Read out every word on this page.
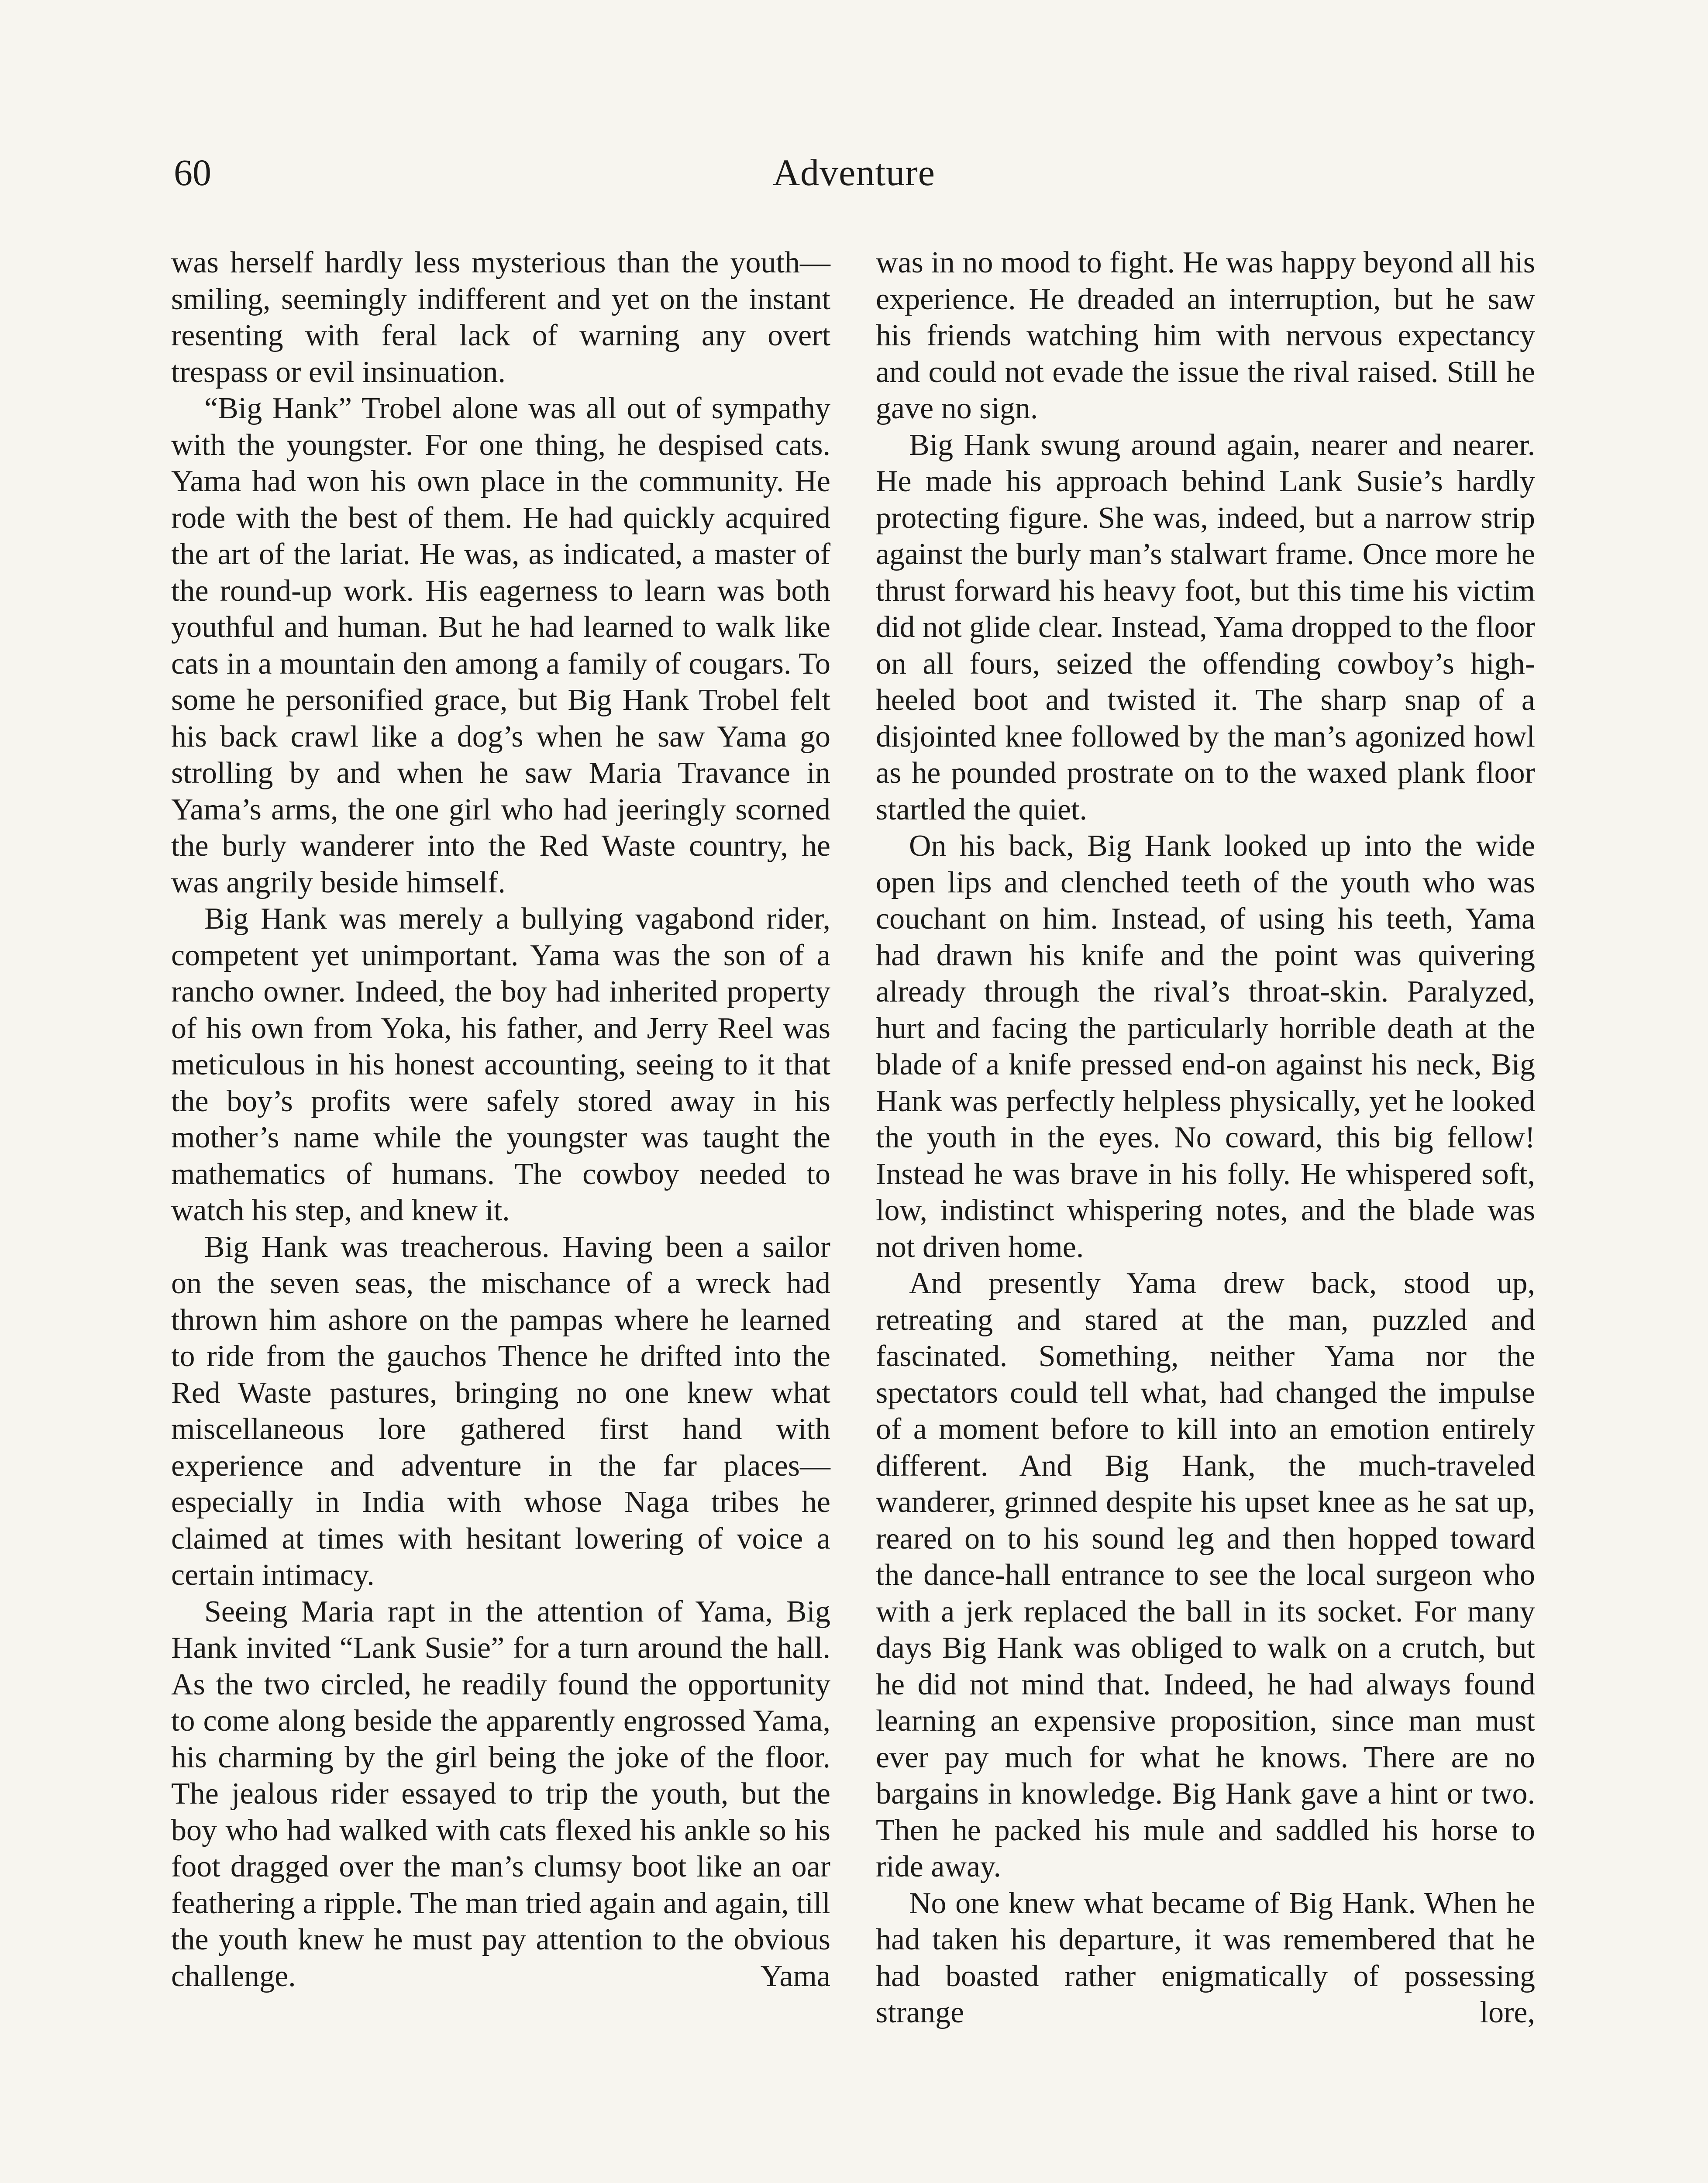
60	Adventure

was herself hardly less mysterious than the youth—smiling, seemingly indifferent and yet on the instant resenting with feral lack of warning any overt trespass or evil insinuation.

“Big Hank” Trobel alone was all out of sympathy with the youngster. For one thing, he despised cats. Yama had won his own place in the community. He rode with the best of them. He had quickly acquired the art of the lariat. He was, as indicated, a master of the round-up work. His eagerness to learn was both youthful and human. But he had learned to walk like cats in a mountain den among a family of cougars. To some he personified grace, but Big Hank Trobel felt his back crawl like a dog’s when he saw Yama go strolling by and when he saw Maria Travance in Yama’s arms, the one girl who had jeeringly scorned the burly wanderer into the Red Waste country, he was angrily beside himself.

Big Hank was merely a bullying vagabond rider, competent yet unimportant. Yama was the son of a rancho owner. Indeed, the boy had inherited property of his own from Yoka, his father, and Jerry Reel was meticulous in his honest accounting, seeing to it that the boy’s profits were safely stored away in his mother’s name while the youngster was taught the mathematics of humans. The cowboy needed to watch his step, and knew it.

Big Hank was treacherous. Having been a sailor on the seven seas, the mischance of a wreck had thrown him ashore on the pampas where he learned to ride from the gauchos Thence he drifted into the Red Waste pastures, bringing no one knew what miscellaneous lore gathered first hand with experience and adventure in the far places—especially in India with whose Naga tribes he claimed at times with hesitant lowering of voice a certain intimacy.

Seeing Maria rapt in the attention of Yama, Big Hank invited “Lank Susie” for a turn around the hall. As the two circled, he readily found the opportunity to come along beside the apparently engrossed Yama, his charming by the girl being the joke of the floor. The jealous rider essayed to trip the youth, but the boy who had walked with cats flexed his ankle so his foot dragged over the man’s clumsy boot like an oar feathering a ripple. The man tried again and again, till the youth knew he must pay attention to the obvious challenge. Yama

was in no mood to fight. He was happy beyond all his experience. He dreaded an interruption, but he saw his friends watching him with nervous expectancy and could not evade the issue the rival raised. Still he gave no sign.

Big Hank swung around again, nearer and nearer. He made his approach behind Lank Susie’s hardly protecting figure. She was, indeed, but a narrow strip against the burly man’s stalwart frame. Once more he thrust forward his heavy foot, but this time his victim did not glide clear. Instead, Yama dropped to the floor on all fours, seized the offending cowboy’s high-heeled boot and twisted it. The sharp snap of a disjointed knee followed by the man’s agonized howl as he pounded prostrate on to the waxed plank floor startled the quiet.

On his back, Big Hank looked up into the wide open lips and clenched teeth of the youth who was couchant on him. Instead, of using his teeth, Yama had drawn his knife and the point was quivering already through the rival’s throat-skin. Paralyzed, hurt and facing the particularly horrible death at the blade of a knife pressed end-on against his neck, Big Hank was perfectly helpless physically, yet he looked the youth in the eyes. No coward, this big fellow! Instead he was brave in his folly. He whispered soft, low, indistinct whispering notes, and the blade was not driven home.

And presently Yama drew back, stood up, retreating and stared at the man, puzzled and fascinated. Something, neither Yama nor the spectators could tell what, had changed the impulse of a moment before to kill into an emotion entirely different. And Big Hank, the much-traveled wanderer, grinned despite his upset knee as he sat up, reared on to his sound leg and then hopped toward the dance-hall entrance to see the local surgeon who with a jerk replaced the ball in its socket. For many days Big Hank was obliged to walk on a crutch, but he did not mind that. Indeed, he had always found learning an expensive proposition, since man must ever pay much for what he knows. There are no bargains in knowledge. Big Hank gave a hint or two. Then he packed his mule and saddled his horse to ride away.

No one knew what became of Big Hank. When he had taken his departure, it was remembered that he had boasted rather enigmatically of possessing strange lore,
